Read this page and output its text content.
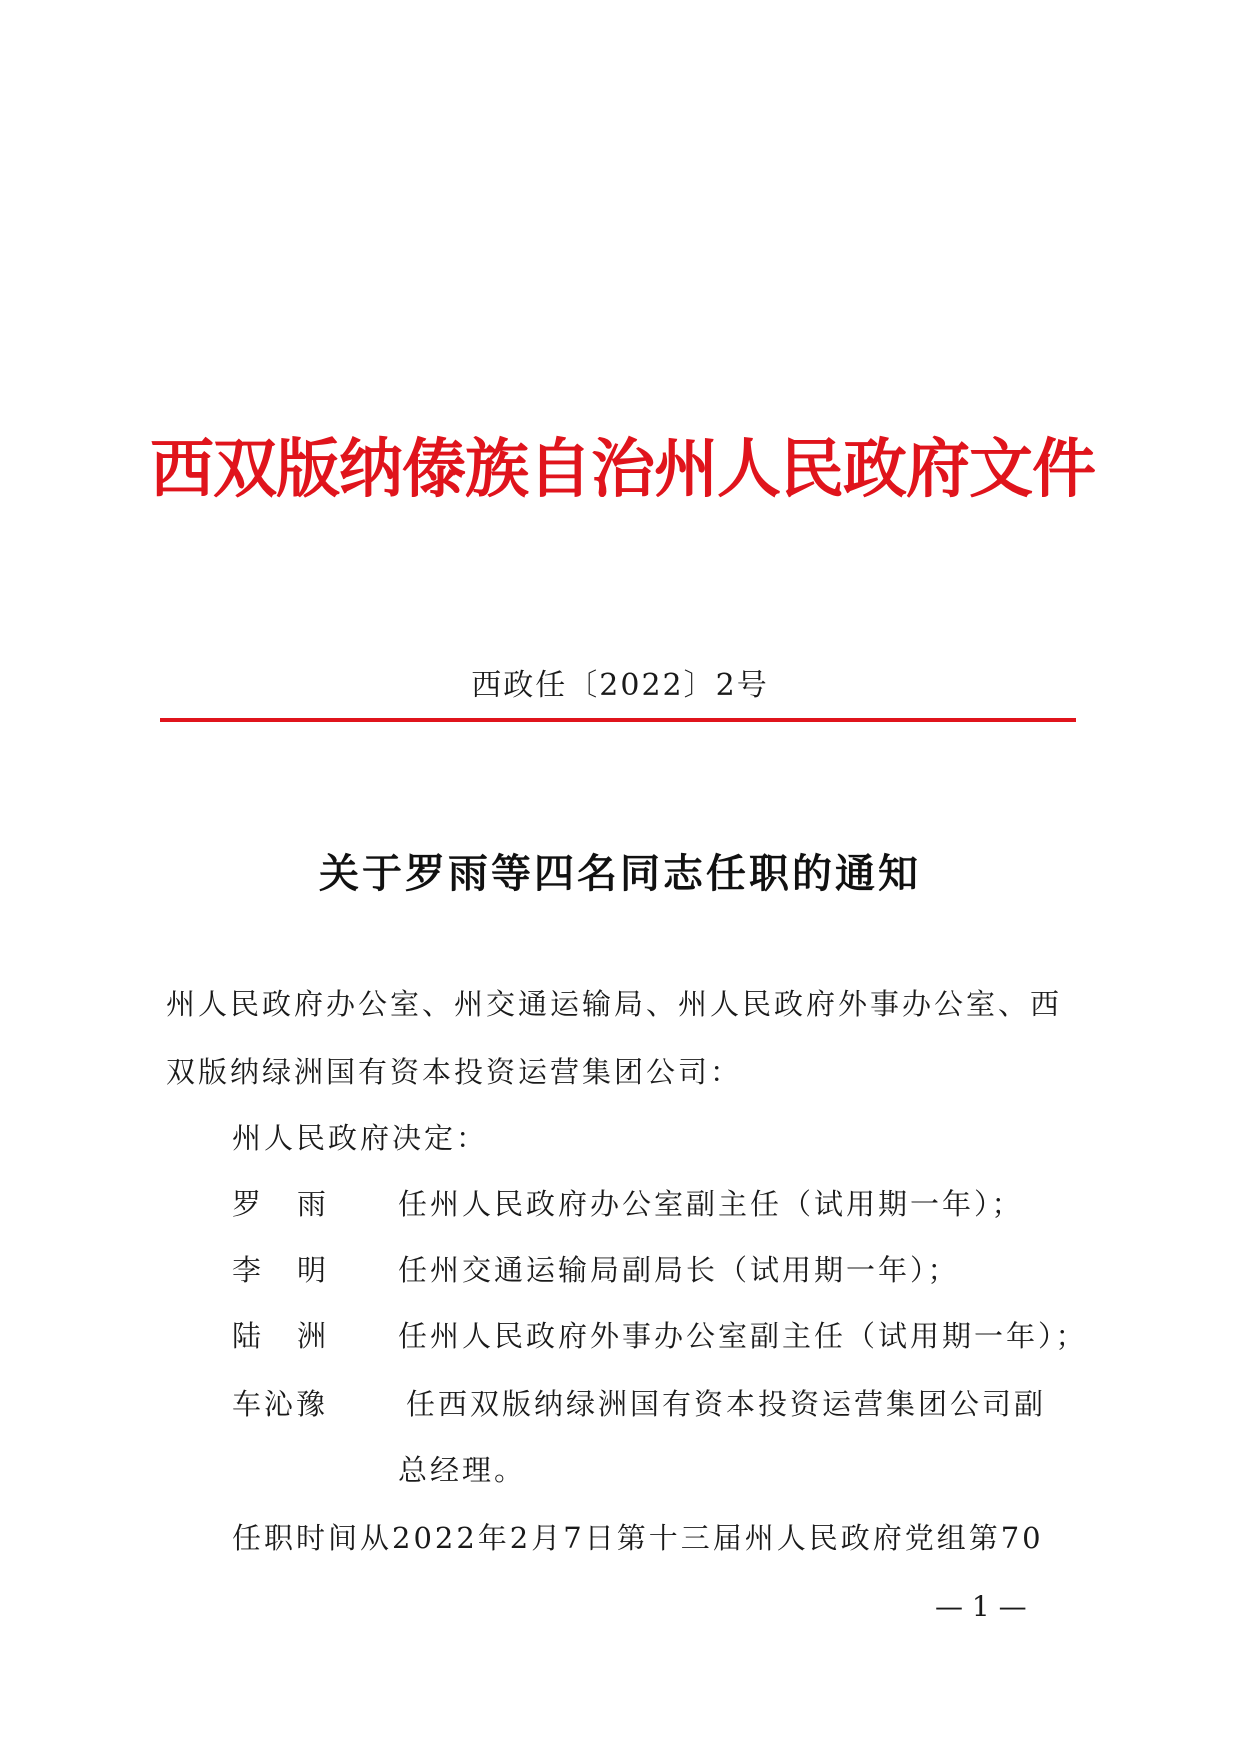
西双版纳傣族自治州人民政府文件
西政任〔2022〕2号
关于罗雨等四名同志任职的通知
州人民政府办公室、州交通运输局、州人民政府外事办公室、西
双版纳绿洲国有资本投资运营集团公司：
州人民政府决定：
罗雨 任州人民政府办公室副主任（试用期一年）；
李明 任州交通运输局副局长（试用期一年）；
陆洲 任州人民政府外事办公室副主任（试用期一年）；
车沁豫	任西双版纳绿洲国有资本投资运营集团公司副
总经理。
任职时间从2022年2月7日第十三届州人民政府党组第70
— 1 —
